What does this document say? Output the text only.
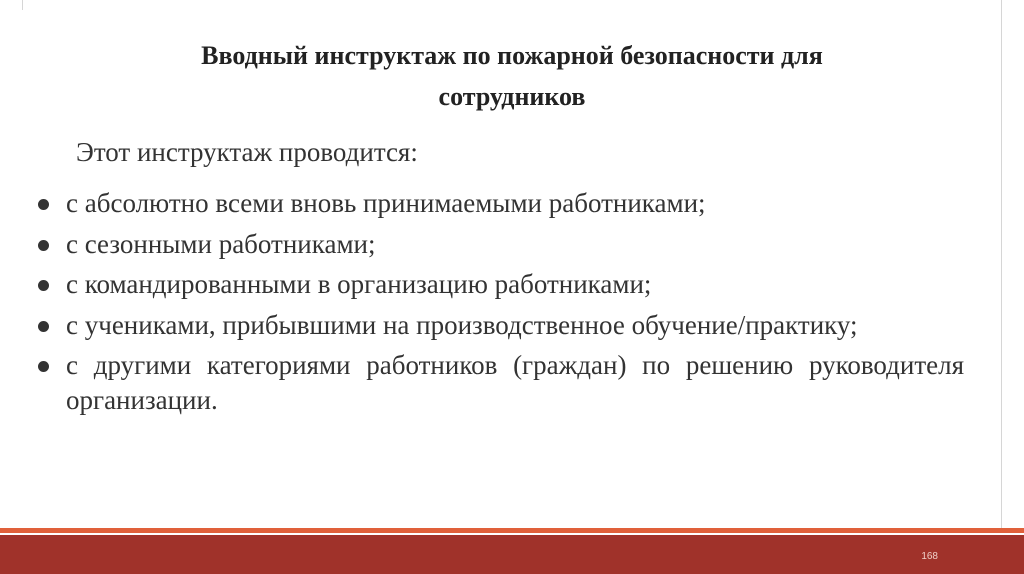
Вводный инструктаж по пожарной безопасности для
сотрудников

Этот инструктаж проводится:

с абсолютно всеми вновь принимаемыми работниками;
с сезонными работниками;
с командированными в организацию работниками;
с учениками, прибывшими на производственное обучение/практику;
с другими категориями работников (граждан) по решению руководителя организации.
168
